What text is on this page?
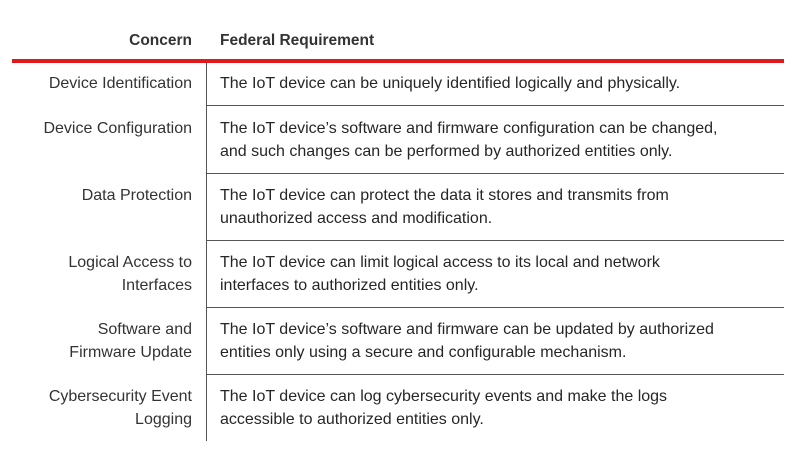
Concern Federal Requirement
Device Identification The IoT device can be uniquely identified logically and physically.
Device Configuration The IoT device’s software and firmware configuration can be changed,
and such changes can be performed by authorized entities only.
Data Protection The IoT device can protect the data it stores and transmits from
unauthorized access and modification.
Logical Access to
Interfaces
The IoT device can limit logical access to its local and network
interfaces to authorized entities only.
Software and
Firmware Update
The IoT device’s software and firmware can be updated by authorized
entities only using a secure and configurable mechanism.
Cybersecurity Event
Logging
The IoT device can log cybersecurity events and make the logs
accessible to authorized entities only.
